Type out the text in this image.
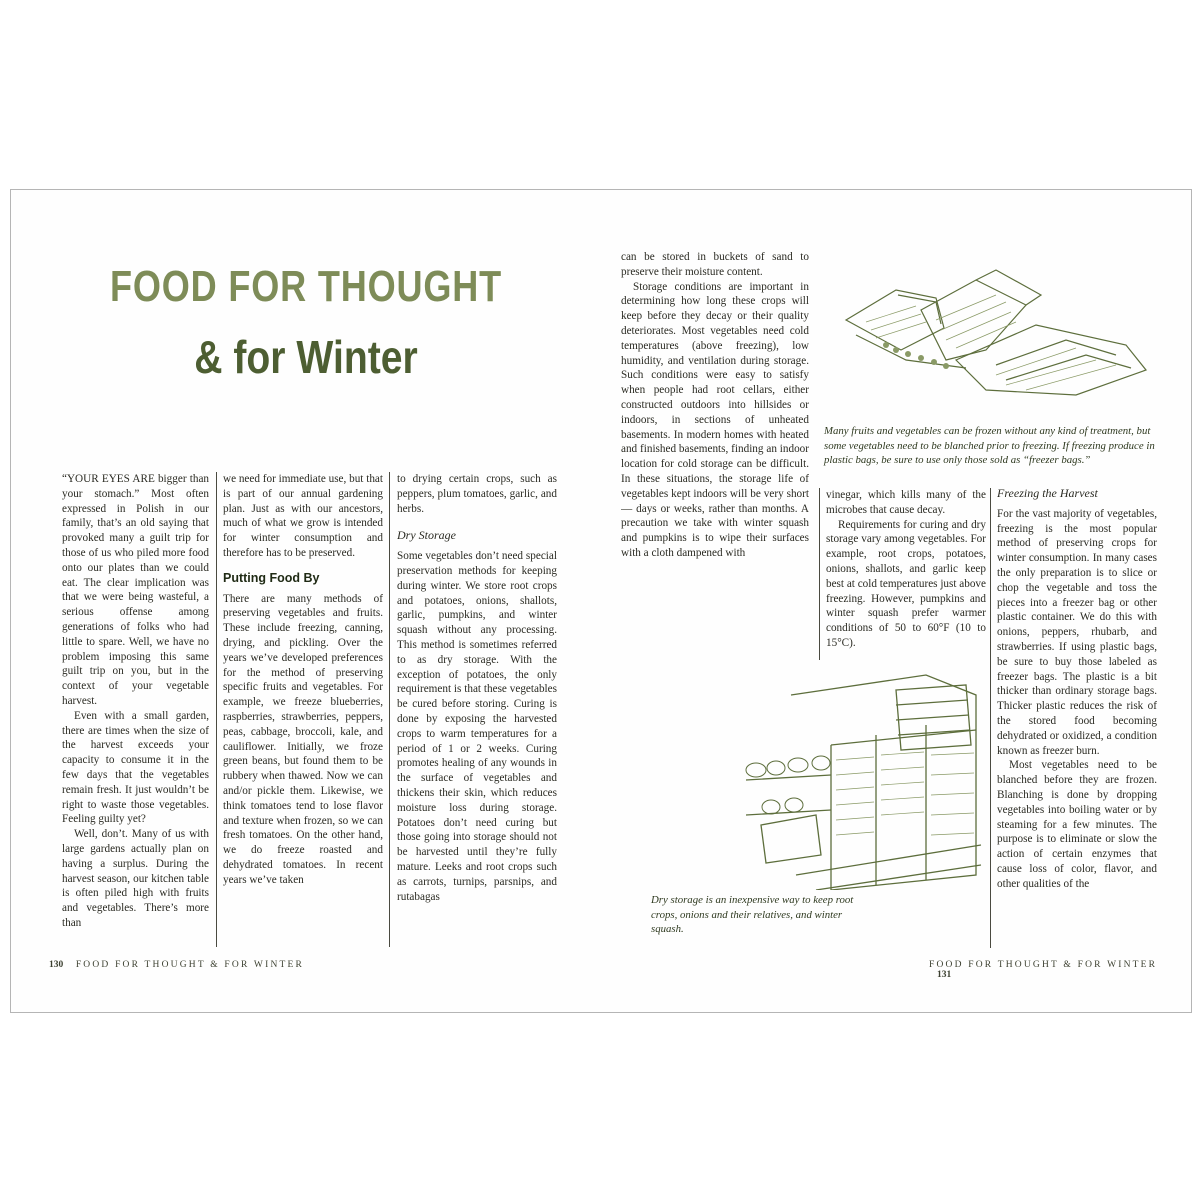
FOOD FOR THOUGHT
& for Winter

“YOUR EYES ARE bigger than your stomach.” Most often expressed in Polish in our family, that’s an old saying that provoked many a guilt trip for those of us who piled more food onto our plates than we could eat. The clear implication was that we were being wasteful, a serious offense among generations of folks who had little to spare. Well, we have no problem imposing this same guilt trip on you, but in the context of your vegetable harvest.

Even with a small garden, there are times when the size of the harvest exceeds your capacity to consume it in the few days that the vegetables remain fresh. It just wouldn’t be right to waste those vegetables. Feeling guilty yet?

Well, don’t. Many of us with large gardens actually plan on having a surplus. During the harvest season, our kitchen table is often piled high with fruits and vegetables. There’s more than

we need for immediate use, but that is part of our annual gardening plan. Just as with our ancestors, much of what we grow is intended for winter consumption and therefore has to be preserved.

Putting Food By

There are many methods of preserving vegetables and fruits. These include freezing, canning, drying, and pickling. Over the years we’ve developed preferences for the method of preserving specific fruits and vegetables. For example, we freeze blueberries, raspberries, strawberries, peppers, peas, cabbage, broccoli, kale, and cauliflower. Initially, we froze green beans, but found them to be rubbery when thawed. Now we can and/or pickle them. Likewise, we think tomatoes tend to lose flavor and texture when frozen, so we can fresh tomatoes. On the other hand, we do freeze roasted and dehydrated tomatoes. In recent years we’ve taken

to drying certain crops, such as peppers, plum tomatoes, garlic, and herbs.

Dry Storage

Some vegetables don’t need special preservation methods for keeping during winter. We store root crops and potatoes, onions, shallots, garlic, pumpkins, and winter squash without any processing. This method is sometimes referred to as dry storage. With the exception of potatoes, the only requirement is that these vegetables be cured before storing. Curing is done by exposing the harvested crops to warm temperatures for a period of 1 or 2 weeks. Curing promotes healing of any wounds in the surface of vegetables and thickens their skin, which reduces moisture loss during storage. Potatoes don’t need curing but those going into storage should not be harvested until they’re fully mature. Leeks and root crops such as carrots, turnips, parsnips, and rutabagas

can be stored in buckets of sand to preserve their moisture content.

Storage conditions are important in determining how long these crops will keep before they decay or their quality deteriorates. Most vegetables need cold temperatures (above freezing), low humidity, and ventilation during storage. Such conditions were easy to satisfy when people had root cellars, either constructed outdoors into hillsides or indoors, in sections of unheated basements. In modern homes with heated and finished basements, finding an indoor location for cold storage can be difficult. In these situations, the storage life of vegetables kept indoors will be very short — days or weeks, rather than months. A precaution we take with winter squash and pumpkins is to wipe their surfaces with a cloth dampened with

vinegar, which kills many of the microbes that cause decay.

Requirements for curing and dry storage vary among vegetables. For example, root crops, potatoes, onions, shallots, and garlic keep best at cold temperatures just above freezing. However, pumpkins and winter squash prefer warmer conditions of 50 to 60°F (10 to 15°C).

Freezing the Harvest

For the vast majority of vegetables, freezing is the most popular method of preserving crops for winter consumption. In many cases the only preparation is to slice or chop the vegetable and toss the pieces into a freezer bag or other plastic container. We do this with onions, peppers, rhubarb, and strawberries. If using plastic bags, be sure to buy those labeled as freezer bags. The plastic is a bit thicker than ordinary storage bags. Thicker plastic reduces the risk of the stored food becoming dehydrated or oxidized, a condition known as freezer burn.

Most vegetables need to be blanched before they are frozen. Blanching is done by dropping vegetables into boiling water or by steaming for a few minutes. The purpose is to eliminate or slow the action of certain enzymes that cause loss of color, flavor, and other qualities of the

Many fruits and vegetables can be frozen without any kind of treatment, but some vegetables need to be blanched prior to freezing. If freezing produce in plastic bags, be sure to use only those sold as “freezer bags.”
Dry storage is an inexpensive way to keep root crops, onions and their relatives, and winter squash.
130 FOOD FOR THOUGHT & FOR WINTER	FOOD FOR THOUGHT & FOR WINTER 131
